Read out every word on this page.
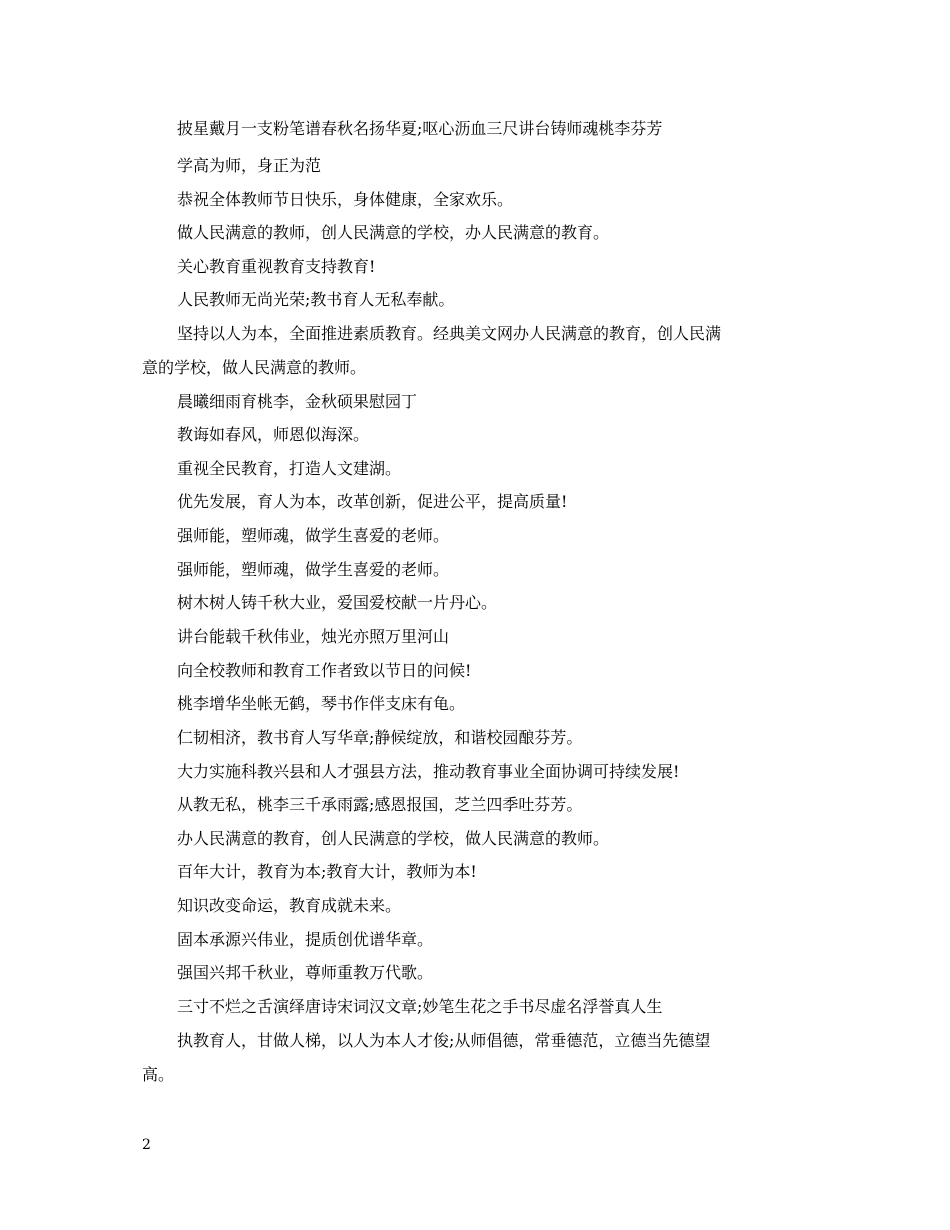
披星戴月一支粉笔谱春秋名扬华夏;呕心沥血三尺讲台铸师魂桃李芬芳
学高为师，身正为范
恭祝全体教师节日快乐，身体健康，全家欢乐。
做人民满意的教师，创人民满意的学校，办人民满意的教育。
关心教育重视教育支持教育!
人民教师无尚光荣;教书育人无私奉献。
坚持以人为本，全面推进素质教育。经典美文网办人民满意的教育，创人民满
意的学校，做人民满意的教师。
晨曦细雨育桃李，金秋硕果慰园丁
教诲如春风，师恩似海深。
重视全民教育，打造人文建湖。
优先发展，育人为本，改革创新，促进公平，提高质量!
强师能，塑师魂，做学生喜爱的老师。
强师能，塑师魂，做学生喜爱的老师。
树木树人铸千秋大业，爱国爱校献一片丹心。
讲台能载千秋伟业，烛光亦照万里河山
向全校教师和教育工作者致以节日的问候!
桃李增华坐帐无鹤，琴书作伴支床有龟。
仁韧相济，教书育人写华章;静候绽放，和谐校园酿芬芳。
大力实施科教兴县和人才强县方法，推动教育事业全面协调可持续发展!
从教无私，桃李三千承雨露;感恩报国，芝兰四季吐芬芳。
办人民满意的教育，创人民满意的学校，做人民满意的教师。
百年大计，教育为本;教育大计，教师为本!
知识改变命运，教育成就未来。
固本承源兴伟业，提质创优谱华章。
强国兴邦千秋业，尊师重教万代歌。
三寸不烂之舌演绎唐诗宋词汉文章;妙笔生花之手书尽虚名浮誉真人生
执教育人，甘做人梯，以人为本人才俊;从师倡德，常垂德范，立德当先德望
高。
2
